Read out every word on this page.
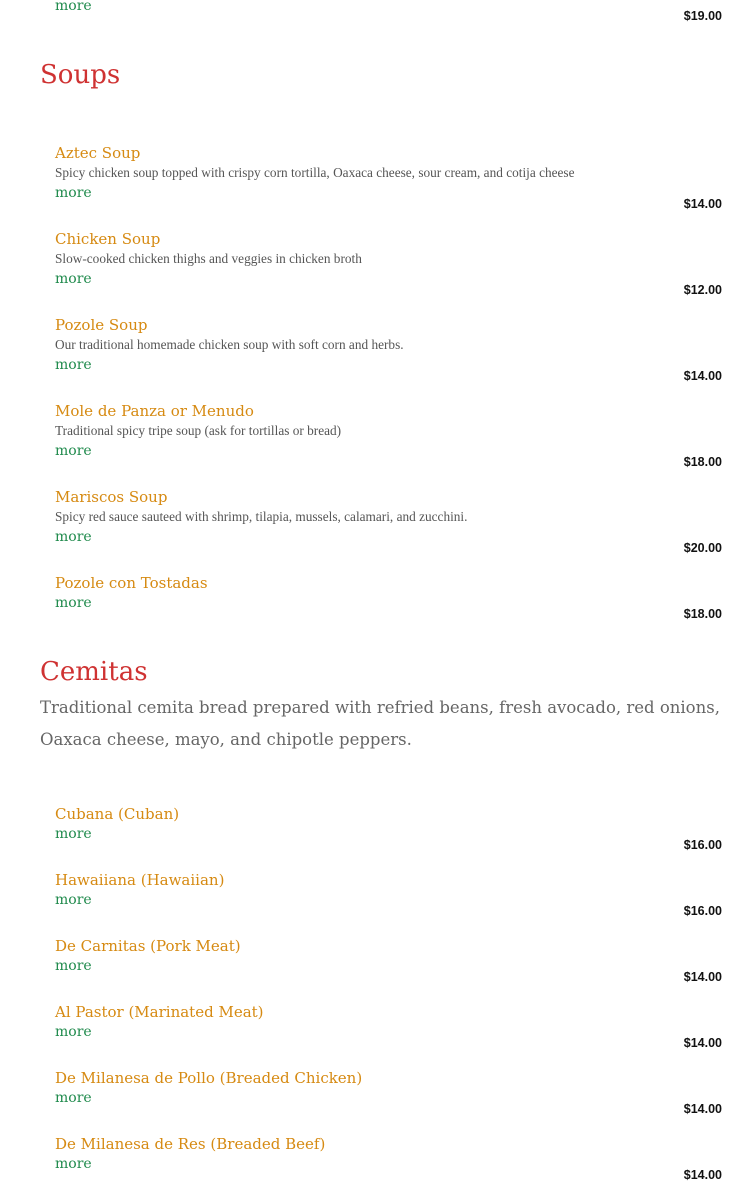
more
$19.00
Soups
Aztec Soup
Spicy chicken soup topped with crispy corn tortilla, Oaxaca cheese, sour cream, and cotija cheese
more
$14.00
Chicken Soup
Slow-cooked chicken thighs and veggies in chicken broth
more
$12.00
Pozole Soup
Our traditional homemade chicken soup with soft corn and herbs.
more
$14.00
Mole de Panza or Menudo
Traditional spicy tripe soup (ask for tortillas or bread)
more
$18.00
Mariscos Soup
Spicy red sauce sauteed with shrimp, tilapia, mussels, calamari, and zucchini.
more
$20.00
Pozole con Tostadas
more
$18.00
Cemitas
Traditional cemita bread prepared with refried beans, fresh avocado, red onions, Oaxaca cheese, mayo, and chipotle peppers.
Cubana (Cuban)
more
$16.00
Hawaiiana (Hawaiian)
more
$16.00
De Carnitas (Pork Meat)
more
$14.00
Al Pastor (Marinated Meat)
more
$14.00
De Milanesa de Pollo (Breaded Chicken)
more
$14.00
De Milanesa de Res (Breaded Beef)
more
$14.00
